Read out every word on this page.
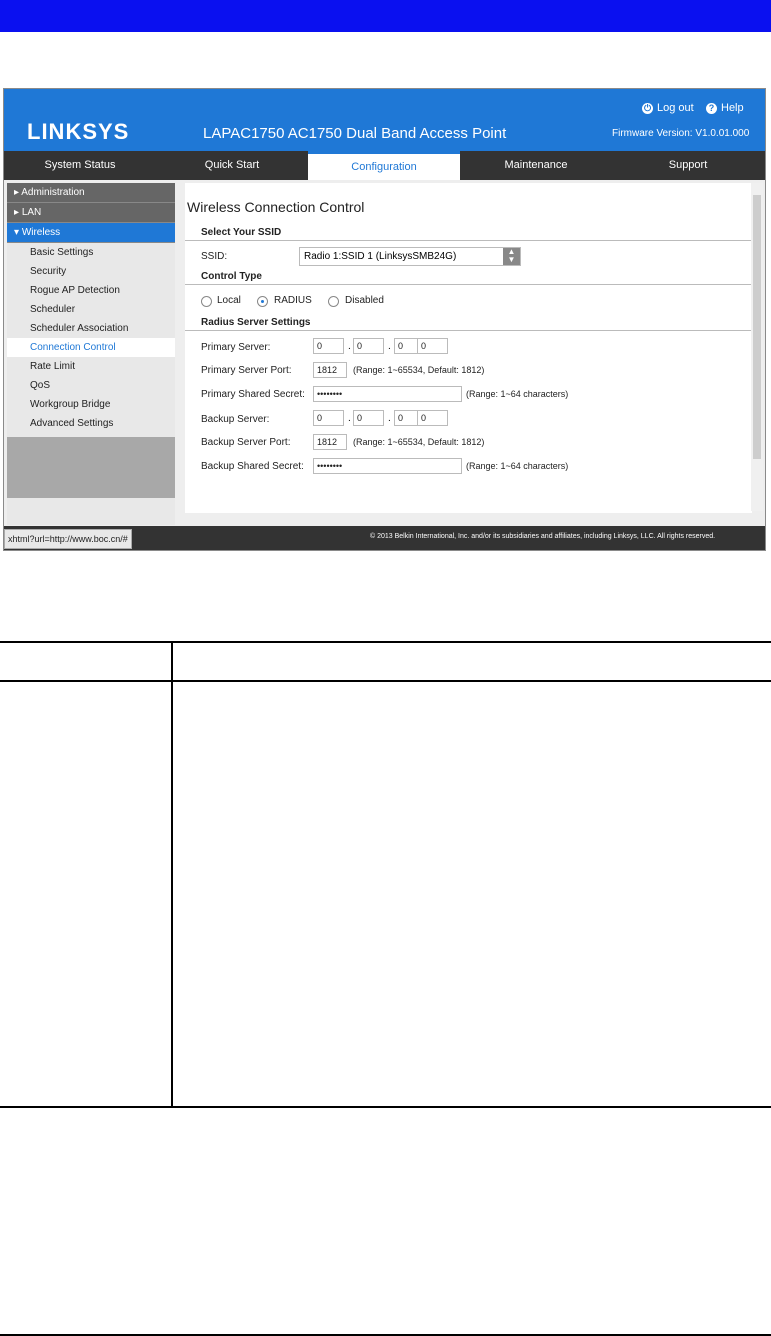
LINKSYS	LAPAC1750 AC1750 Dual Band Access Point
⏻ Log out	? Help
Firmware Version: V1.0.01.000
System Status	Quick Start	Configuration	Maintenance	Support
▸ Administration
▸ LAN
▾ Wireless
Basic Settings
Security
Rogue AP Detection
Scheduler
Scheduler Association
Connection Control
Rate Limit
QoS
Workgroup Bridge
Advanced Settings
Wireless Connection Control
Select Your SSID
SSID:	Radio 1:SSID 1 (LinksysSMB24G)	▲
▼
Control Type
Local	RADIUS	Disabled
Radius Server Settings
Primary Server:	0	. 0	. 0	0
Primary Server Port:	1812	(Range: 1~65534, Default: 1812)
Primary Shared Secret:	••••••••	(Range: 1~64 characters)
Backup Server:	0	. 0	. 0	0
Backup Server Port:	1812	(Range: 1~65534, Default: 1812)
Backup Shared Secret:	••••••••	(Range: 1~64 characters)
xhtml?url=http://www.boc.cn/#	© 2013 Belkin International, Inc. and/or its subsidiaries and affiliates, including Linksys, LLC. All rights reserved.
